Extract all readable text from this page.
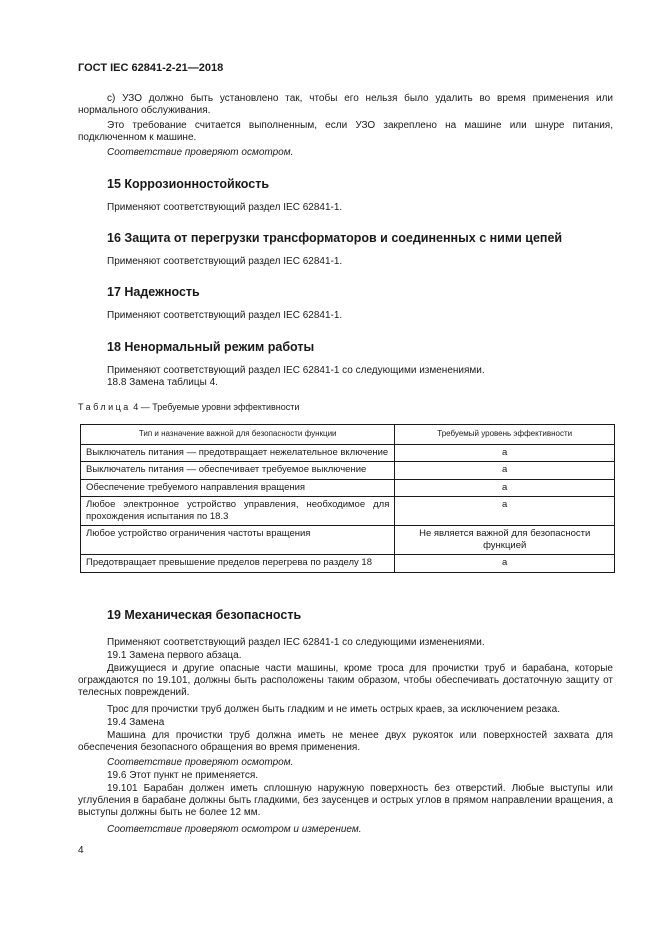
ГОСТ IEC 62841-2-21—2018
c) УЗО должно быть установлено так, чтобы его нельзя было удалить во время применения или нормального обслуживания.
Это требование считается выполненным, если УЗО закреплено на машине или шнуре питания, подключенном к машине.
Соответствие проверяют осмотром.
15 Коррозионностойкость
Применяют соответствующий раздел IEC 62841-1.
16 Защита от перегрузки трансформаторов и соединенных с ними цепей
Применяют соответствующий раздел IEC 62841-1.
17 Надежность
Применяют соответствующий раздел IEC 62841-1.
18 Ненормальный режим работы
Применяют соответствующий раздел IEC 62841-1 со следующими изменениями.
18.8 Замена таблицы 4.
Таблица 4 — Требуемые уровни эффективности
Тип и назначение важной для безопасности функции	Требуемый уровень эффективности
Выключатель питания — предотвращает нежелательное включение	a
Выключатель питания — обеспечивает требуемое выключение	a
Обеспечение требуемого направления вращения	a
Любое электронное устройство управления, необходимое для прохождения испытания по 18.3	a
Любое устройство ограничения частоты вращения	Не является важной для безопасности функцией
Предотвращает превышение пределов перегрева по разделу 18	a
19 Механическая безопасность
Применяют соответствующий раздел IEC 62841-1 со следующими изменениями.
19.1 Замена первого абзаца.
Движущиеся и другие опасные части машины, кроме троса для прочистки труб и барабана, которые ограждаются по 19.101, должны быть расположены таким образом, чтобы обеспечивать достаточную защиту от телесных повреждений.
Трос для прочистки труб должен быть гладким и не иметь острых краев, за исключением резака.
19.4 Замена
Машина для прочистки труб должна иметь не менее двух рукояток или поверхностей захвата для обеспечения безопасного обращения во время применения.
Соответствие проверяют осмотром.
19.6 Этот пункт не применяется.
19.101 Барабан должен иметь сплошную наружную поверхность без отверстий. Любые выступы или углубления в барабане должны быть гладкими, без заусенцев и острых углов в прямом направлении вращения, а выступы должны быть не более 12 мм.
Соответствие проверяют осмотром и измерением.
4
